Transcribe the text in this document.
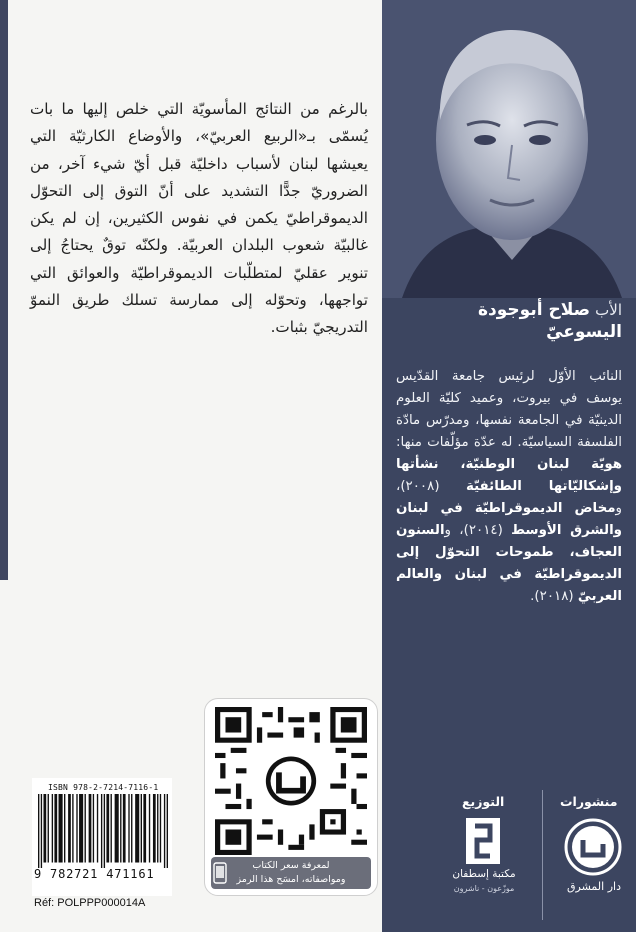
بالرغم من النتائج المأسويّة التي خلص إليها ما بات يُسمّى بـ«الربيع العربيّ»، والأوضاع الكارثيّة التي يعيشها لبنان لأسباب داخليّة قبل أيّ شيء آخر، من الضروريّ جدًّا التشديد على أنّ التوق إلى التحوّل الديموقراطيّ يكمن في نفوس الكثيرين، إن لم يكن غالبيّة شعوب البلدان العربيّة. ولكنّه توقٌ يحتاجُ إلى تنوير عقليّ لمتطلّبات الديموقراطيّة والعوائق التي تواجهها، وتحوّله إلى ممارسة تسلك طريق النموّ التدريجيّ بثبات.
لمعرفة سعر الكتاب
ومواصفاته، امسَح هذا الرمز
ISBN 978-2-7214-7116-1
9 782721 471161
Réf: POLPPP000014A
الأب صلاح أبوجودة
اليسوعيّ
النائب الأوّل لرئيس جامعة القدّيس يوسف في بيروت، وعميد كليّة العلوم الدينيّة في الجامعة نفسها، ومدرّس مادّة الفلسفة السياسيّة. له عدّة مؤلّفات منها: هويّة لبنان الوطنيّة، نشأتها وإشكاليّاتها الطائفيّة (٢٠٠٨)، ومخاض الديموقراطيّة في لبنان والشرق الأوسط (٢٠١٤)، والسنون العجاف، طموحات التحوّل إلى الديموقراطيّة في لبنان والعالم العربيّ (٢٠١٨).
منشورات
التوزيع
دار المشرق
مكتبة إسطفان
موزّعون - ناشرون
